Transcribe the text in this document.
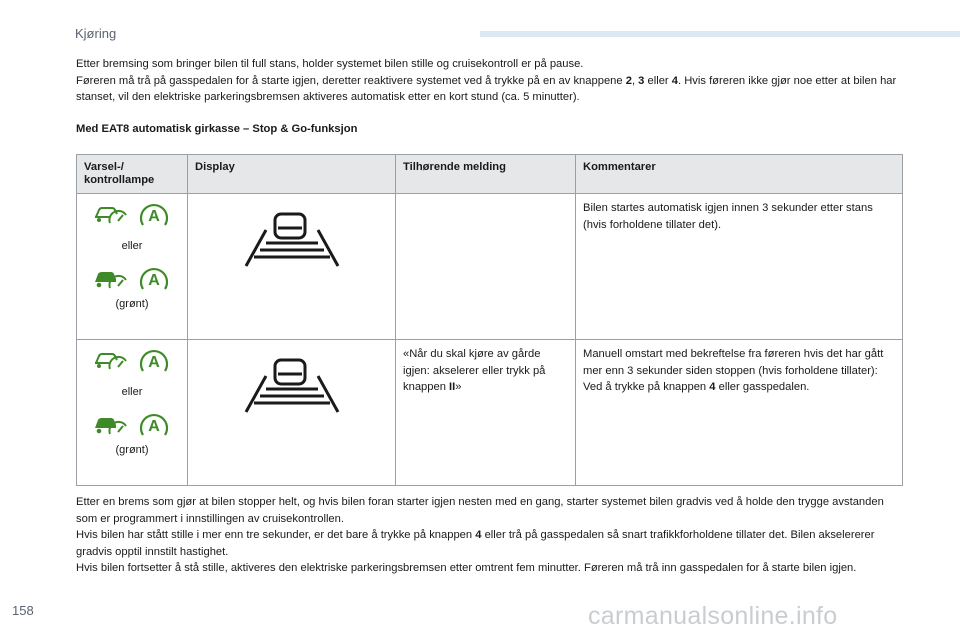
Kjøring

Etter bremsing som bringer bilen til full stans, holder systemet bilen stille og cruisekontroll er på pause.
Føreren må trå på gasspedalen for å starte igjen, deretter reaktivere systemet ved å trykke på en av knappene 2, 3 eller 4. Hvis føreren ikke gjør noe etter at bilen har stanset, vil den elektriske parkeringsbremsen aktiveres automatisk etter en kort stund (ca. 5 minutter).

Med EAT8 automatisk girkasse – Stop & Go-funksjon
Varsel-/ kontrollampe	Display	Tilhørende melding	Kommentarer

A
eller
A
(grønt)			Bilen startes automatisk igjen innen 3 sekunder etter stans (hvis forholdene tillater det).

A
eller
A
(grønt)		«Når du skal kjøre av gårde igjen: akselerer eller trykk på knappen II»	Manuell omstart med bekreftelse fra føreren hvis det har gått mer enn 3 sekunder siden stoppen (hvis forholdene tillater): Ved å trykke på knappen 4 eller gasspedalen.

Etter en brems som gjør at bilen stopper helt, og hvis bilen foran starter igjen nesten med en gang, starter systemet bilen gradvis ved å holde den trygge avstanden som er programmert i innstillingen av cruisekontrollen.
Hvis bilen har stått stille i mer enn tre sekunder, er det bare å trykke på knappen 4 eller trå på gasspedalen så snart trafikkforholdene tillater det. Bilen akselererer gradvis opptil innstilt hastighet.
Hvis bilen fortsetter å stå stille, aktiveres den elektriske parkeringsbremsen etter omtrent fem minutter. Føreren må trå inn gasspedalen for å starte bilen igjen.

158	carmanualsonline.info
